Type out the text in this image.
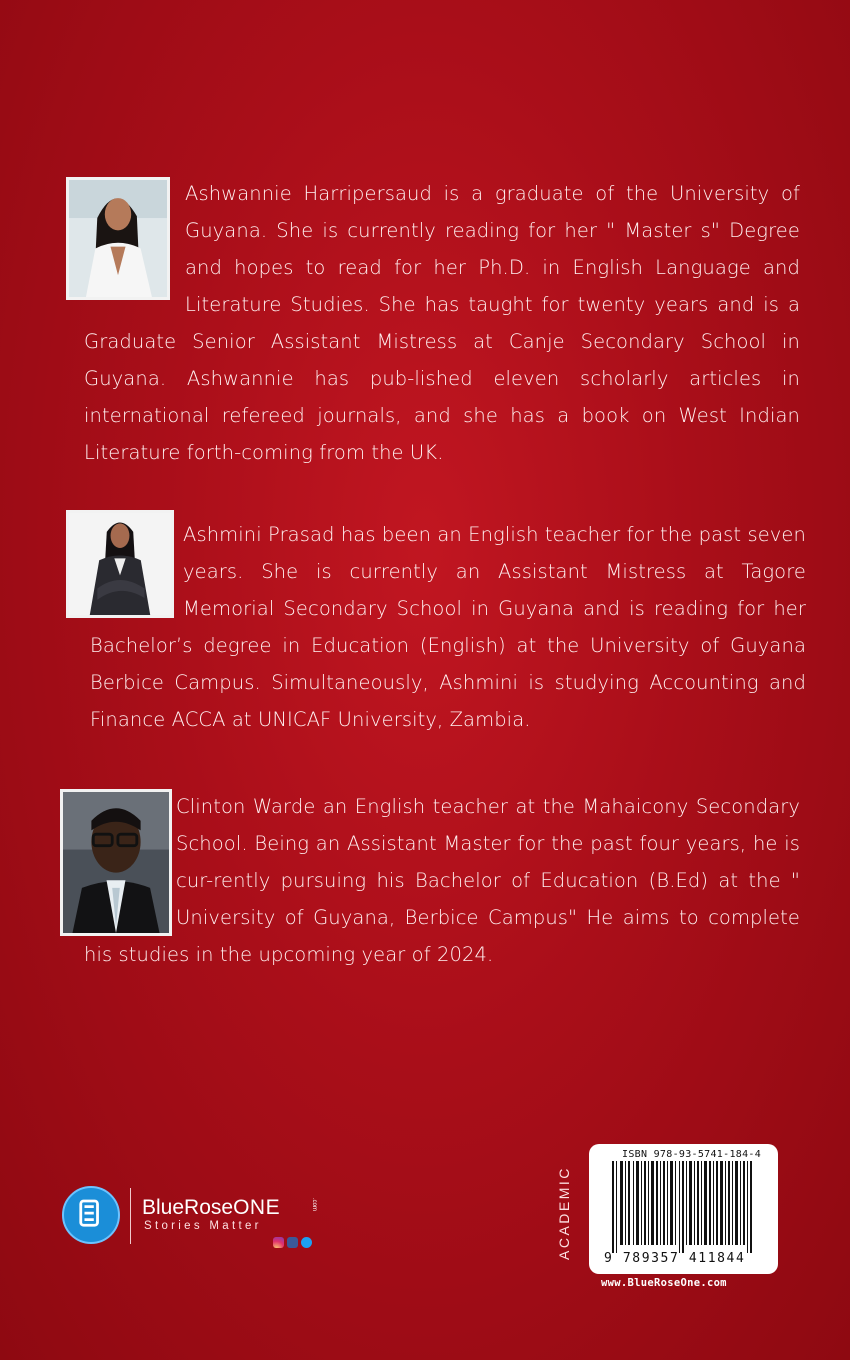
Ashwannie Harripersaud is a graduate of the University of Guyana. She is currently reading for her " Master s" Degree and hopes to read for her Ph.D. in English Language and Literature Studies. She has taught for twenty years and is a Graduate Senior Assistant Mistress at Canje Secondary School in Guyana. Ashwannie has pub-lished eleven scholarly articles in international refereed journals, and she has a book on West Indian Literature forth-coming from the UK.
Ashmini Prasad has been an English teacher for the past seven years. She is currently an Assistant Mistress at Tagore Memorial Secondary School in Guyana and is reading for her Bachelor’s degree in Education (English) at the University of Guyana Berbice Campus. Simultaneously, Ashmini is studying Accounting and Finance ACCA at UNICAF University, Zambia.
Clinton Warde an English teacher at the Mahaicony Secondary School. Being an Assistant Master for the past four years, he is cur-rently pursuing his Bachelor of Education (B.Ed) at the " University of Guyana, Berbice Campus" He aims to complete his studies in the upcoming year of 2024.
BlueRoseONE	.com
Stories Matter	ACADEMIC
ISBN 978-93-5741-184-4
9 789357 411844
www.BlueRoseOne.com
